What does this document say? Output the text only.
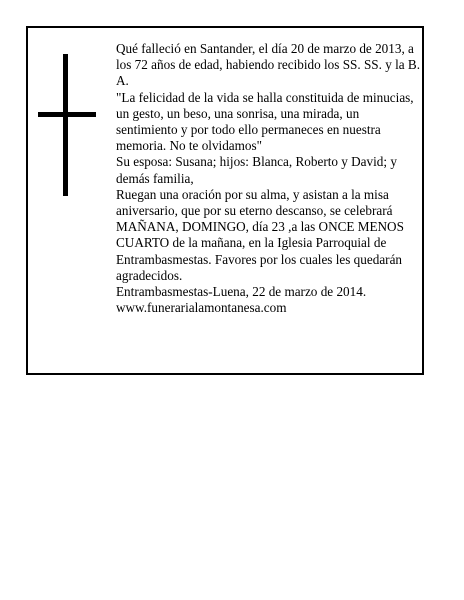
Qué falleció en Santander, el día 20 de marzo de 2013, a los 72 años de edad, habiendo recibido los SS. SS. y la B. A.

"La felicidad de la vida se halla constituida de minucias, un gesto, un beso, una sonrisa, una mirada, un sentimiento y por todo ello permaneces en nuestra memoria. No te olvidamos"

Su esposa: Susana; hijos: Blanca, Roberto y David; y demás familia,

Ruegan una oración por su alma, y asistan a la misa aniversario, que por su eterno descanso, se celebrará MAÑANA, DOMINGO, día 23 ,a las ONCE MENOS CUARTO de la mañana, en la Iglesia Parroquial de Entrambasmestas. Favores por los cuales les quedarán agradecidos.

Entrambasmestas-Luena, 22 de marzo de 2014.

www.funerarialamontanesa.com
